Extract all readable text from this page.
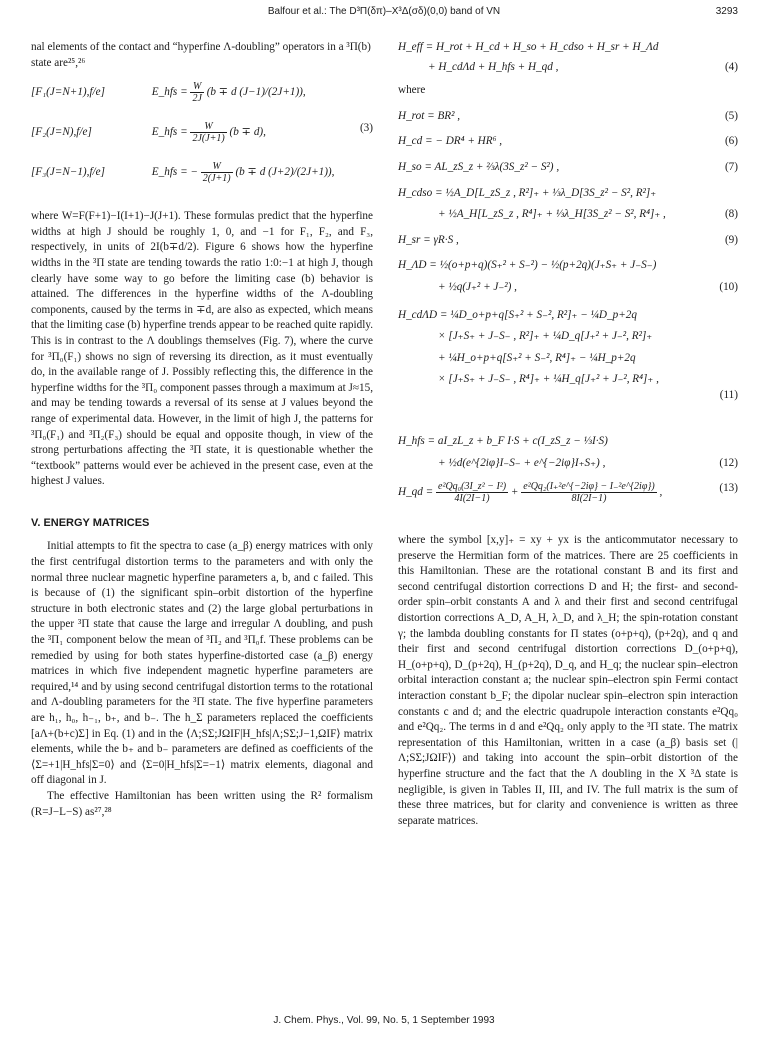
Balfour et al.: The D³Π(δπ)–X³Δ(σδ)(0,0) band of VN	3293

nal elements of the contact and “hyperfine Λ-doubling” operators in a ³Π(b) state are²⁵,²⁶

[F₁(J=N+1),f/e]	E_hfs = $\frac{W}{2J} (b \mp d$ (J−1)/(2J+1)),
[F₂(J=N),f/e]	E_hfs = $\frac{W}{2J(J+1)} (b \mp d)$,	(3)
[F₃(J=N−1),f/e]	E_hfs = − $\frac{W}{2(J+1)} (b \mp d$ (J+2)/(2J+1)),

where W=F(F+1)−I(I+1)−J(J+1). These formulas predict that the hyperfine widths at high J should be roughly 1, 0, and −1 for F₁, F₂, and F₃, respectively, in units of 2I(b∓d/2). Figure 6 shows how the hyperfine widths in the ³Π state are tending towards the ratio 1:0:−1 at high J, though clearly have some way to go before the limiting case (b) behavior is attained. The differences in the hyperfine widths of the Λ-doubling components, caused by the terms in ∓d, are also as expected, which means that the limiting case (b) hyperfine trends appear to be reached quite rapidly. This is in contrast to the Λ doublings themselves (Fig. 7), where the curve for ³Π₀(F₁) shows no sign of reversing its direction, as it must eventually do, in the available range of J. Possibly reflecting this, the difference in the hyperfine widths for the ³Π₀ component passes through a maximum at J≈15, and may be tending towards a reversal of its sense at J values beyond the range of experimental data. However, in the limit of high J, the patterns for ³Π₀(F₁) and ³Π₂(F₃) should be equal and opposite though, in view of the strong perturbations affecting the ³Π state, it is questionable whether the “textbook” patterns would ever be achieved in the present case, even at the highest J values.

V. ENERGY MATRICES

Initial attempts to fit the spectra to case (a_β) energy matrices with only the first centrifugal distortion terms to the parameters and with only the normal three nuclear magnetic hyperfine parameters a, b, and c failed. This is because of (1) the significant spin–orbit distortion of the hyperfine structure in both electronic states and (2) the large global perturbations in the upper ³Π state that cause the large and irregular Λ doubling, and push the ³Π₁ component below the mean of ³Π₂ and ³Π₀f. These problems can be remedied by using for both states hyperfine-distorted case (a_β) energy matrices in which five independent magnetic hyperfine parameters are required,¹⁴ and by using second centrifugal distortion terms to the rotational and Λ-doubling parameters for the ³Π state. The five hyperfine parameters are h₁, h₀, h₋₁, b₊, and b₋. The h_Σ parameters replaced the coefficients [aΛ+(b+c)Σ] in Eq. (1) and in the ⟨Λ;SΣ;JΩIF|H_hfs|Λ;SΣ;J−1,ΩIF⟩ matrix elements, while the b₊ and b₋ parameters are defined as coefficients of the ⟨Σ=+1|H_hfs|Σ=0⟩ and ⟨Σ=0|H_hfs|Σ=−1⟩ matrix elements, diagonal and off diagonal in J.

The effective Hamiltonian has been written using the R² formalism (R=J−L−S) as²⁷,²⁸

H_eff = H_rot + H_cd + H_so + H_cdso + H_sr + H_Λd
+ H_cdΛd + H_hfs + H_qd ,	(4)

where

H_rot = BR² ,	(5)
H_cd = − DR⁴ + HR⁶ ,	(6)
H_so = AL_zS_z + ⅔λ(3S_z² − S²) ,	(7)
H_cdso = ½A_D[L_zS_z , R²]₊ + ⅓λ_D[3S_z² − S², R²]₊
+ ½A_H[L_zS_z , R⁴]₊ + ⅓λ_H[3S_z² − S², R⁴]₊ ,	(8)
H_sr = γR·S ,	(9)
H_ΛD = ½(o+p+q)(S₊² + S₋²) − ½(p+2q)(J₊S₊ + J₋S₋)
+ ½q(J₊² + J₋²) ,	(10)
H_cdΛD = ¼D_o+p+q[S₊² + S₋², R²]₊ − ¼D_p+2q
× [J₊S₊ + J₋S₋ , R²]₊ + ¼D_q[J₊² + J₋², R²]₊
+ ¼H_o+p+q[S₊² + S₋², R⁴]₊ − ¼H_p+2q
× [J₊S₊ + J₋S₋ , R⁴]₊ + ¼H_q[J₊² + J₋², R⁴]₊ ,
(11)
H_hfs = aI_zL_z + b_F I·S + c(I_zS_z − ⅓I·S)
+ ½d(e^{2iφ}I₋S₋ + e^{−2iφ}I₊S₊) ,	(12)
H_qd = $\frac{\text{e²Qq₀(3I\_z² − I²)}}{4I(2I-1)} + \frac{\text{e²Qq₂(I₊²e\textasciicircum{}\{−2iφ\} − I₋²e\textasciicircum{}\{2iφ\})}}{8I(2I-1)}$ ,	(13)

where the symbol [x,y]₊ = xy + yx is the anticommutator necessary to preserve the Hermitian form of the matrices. There are 25 coefficients in this Hamiltonian. These are the rotational constant B and its first and second centrifugal distortion corrections D and H; the first- and second-order spin–orbit constants A and λ and their first and second centrifugal distortion corrections A_D, A_H, λ_D, and λ_H; the spin-rotation constant γ; the lambda doubling constants for Π states (o+p+q), (p+2q), and q and their first and second centrifugal distortion corrections D_(o+p+q), H_(o+p+q), D_(p+2q), H_(p+2q), D_q, and H_q; the nuclear spin–electron orbital interaction constant a; the nuclear spin–electron spin Fermi contact interaction constant b_F; the dipolar nuclear spin–electron spin interaction constants c and d; and the electric quadrupole interaction constants e²Qq₀ and e²Qq₂. The terms in d and e²Qq₂ only apply to the ³Π state. The matrix representation of this Hamiltonian, written in a case (a_β) basis set (|Λ;SΣ;JΩIF⟩) and taking into account the spin–orbit distortion of the hyperfine structure and the fact that the Λ doubling in the X ³Δ state is negligible, is given in Tables II, III, and IV. The full matrix is the sum of these three matrices, but for clarity and convenience is written as three separate matrices.

J. Chem. Phys., Vol. 99, No. 5, 1 September 1993
